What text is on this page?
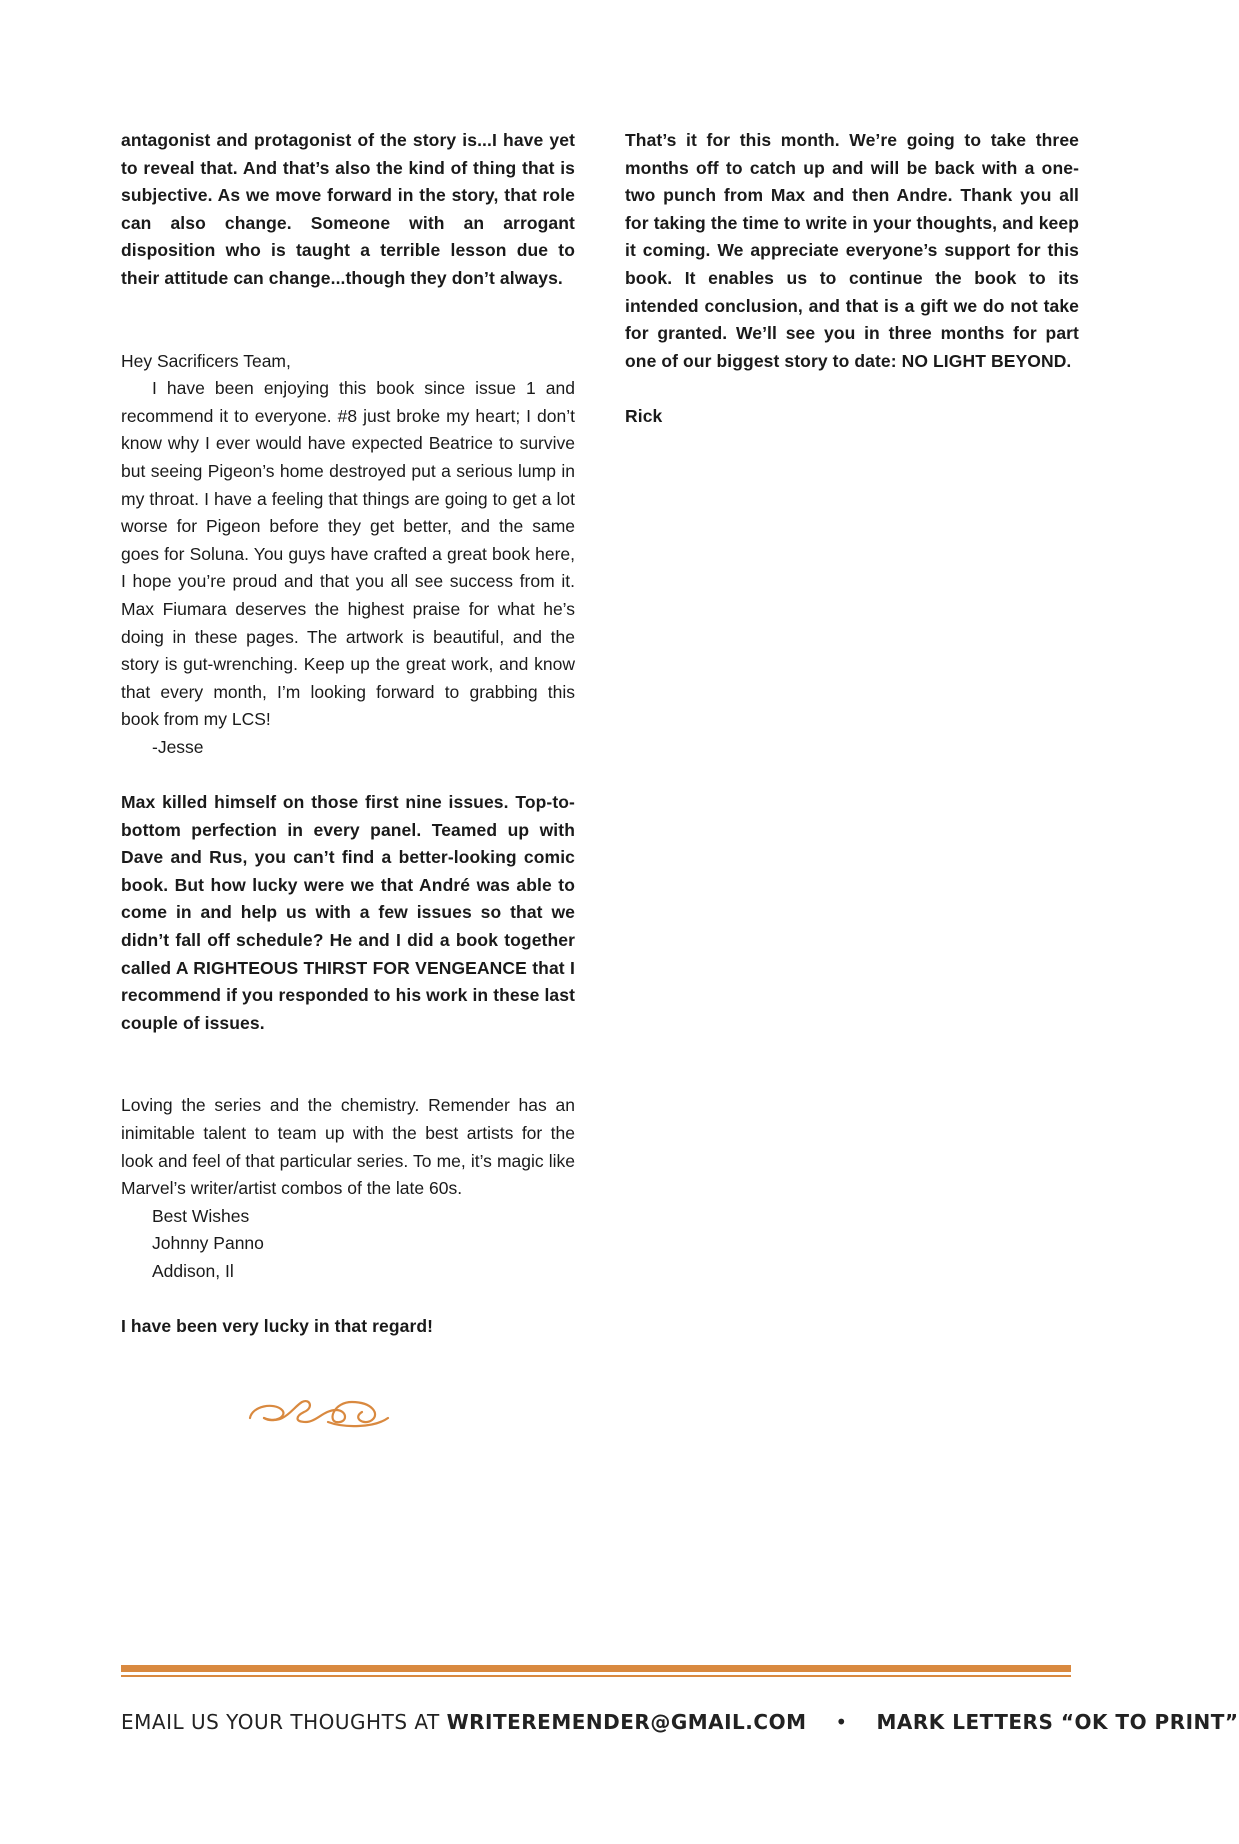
antagonist and protagonist of the story is...I have yet to reveal that. And that’s also the kind of thing that is subjective. As we move forward in the story, that role can also change. Someone with an arrogant disposition who is taught a terrible lesson due to their attitude can change...though they don’t always.

Hey Sacrificers Team,

I have been enjoying this book since issue 1 and recommend it to everyone. #8 just broke my heart; I don’t know why I ever would have expected Beatrice to survive but seeing Pigeon’s home destroyed put a serious lump in my throat. I have a feeling that things are going to get a lot worse for Pigeon before they get better, and the same goes for Soluna. You guys have crafted a great book here, I hope you’re proud and that you all see success from it. Max Fiumara deserves the highest praise for what he’s doing in these pages. The artwork is beautiful, and the story is gut-wrenching. Keep up the great work, and know that every month, I’m looking forward to grabbing this book from my LCS!

-Jesse

Max killed himself on those first nine issues. Top-to-bottom perfection in every panel. Teamed up with Dave and Rus, you can’t find a better-looking comic book. But how lucky were we that André was able to come in and help us with a few issues so that we didn’t fall off schedule? He and I did a book together called A RIGHTEOUS THIRST FOR VENGEANCE that I recommend if you responded to his work in these last couple of issues.

Loving the series and the chemistry. Remender has an inimitable talent to team up with the best artists for the look and feel of that particular series. To me, it’s magic like Marvel’s writer/artist combos of the late 60s.

Best Wishes

Johnny Panno

Addison, Il

I have been very lucky in that regard!

That’s it for this month. We’re going to take three months off to catch up and will be back with a one-two punch from Max and then Andre. Thank you all for taking the time to write in your thoughts, and keep it coming. We appreciate everyone’s support for this book. It enables us to continue the book to its intended conclusion, and that is a gift we do not take for granted. We’ll see you in three months for part one of our biggest story to date: NO LIGHT BEYOND.

Rick

EMAIL US YOUR THOUGHTS AT WRITEREMENDER@GMAIL.COM • MARK LETTERS “OK TO PRINT”
